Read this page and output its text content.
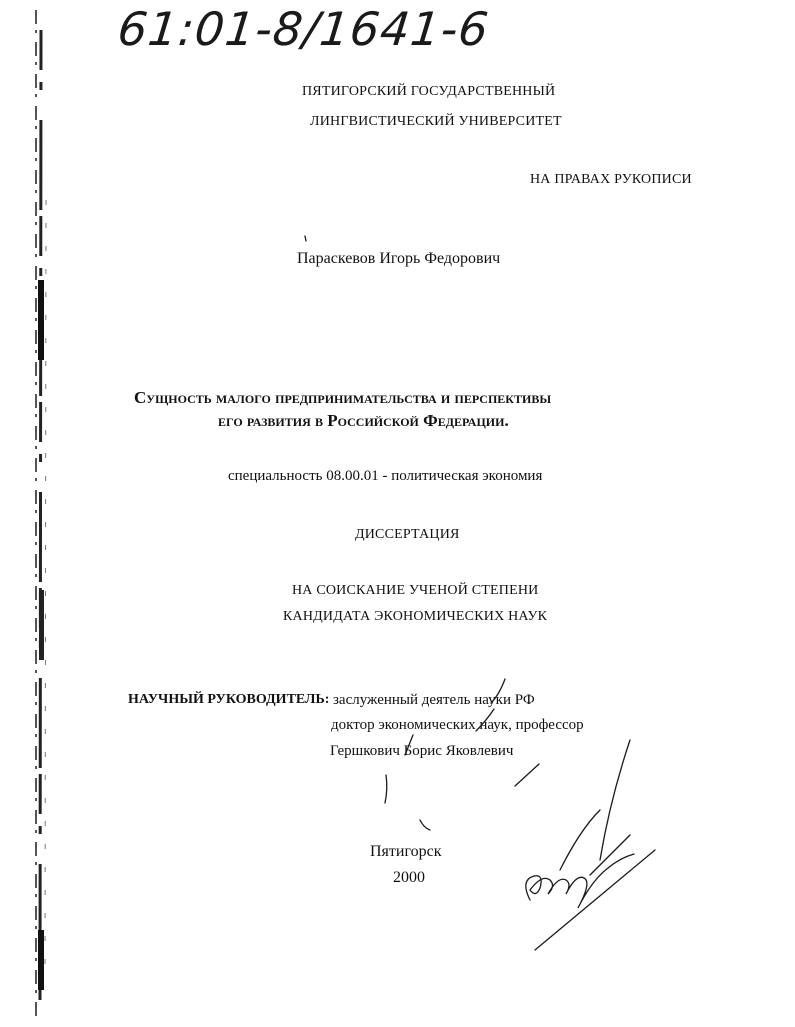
61:01-8/1641-6
ПЯТИГОРСКИЙ ГОСУДАРСТВЕННЫЙ
ЛИНГВИСТИЧЕСКИЙ УНИВЕРСИТЕТ
НА ПРАВАХ РУКОПИСИ
Параскевов Игорь Федорович
Сущность малого предпринимательства и перспективы
его развития в Российской Федерации.
специальность 08.00.01 - политическая экономия
ДИССЕРТАЦИЯ
НА СОИСКАНИЕ УЧЕНОЙ СТЕПЕНИ
КАНДИДАТА ЭКОНОМИЧЕСКИХ НАУК
НАУЧНЫЙ РУКОВОДИТЕЛЬ: заслуженный деятель науки РФ
доктор экономических наук, профессор
Гершкович Борис Яковлевич
Пятигорск
2000
